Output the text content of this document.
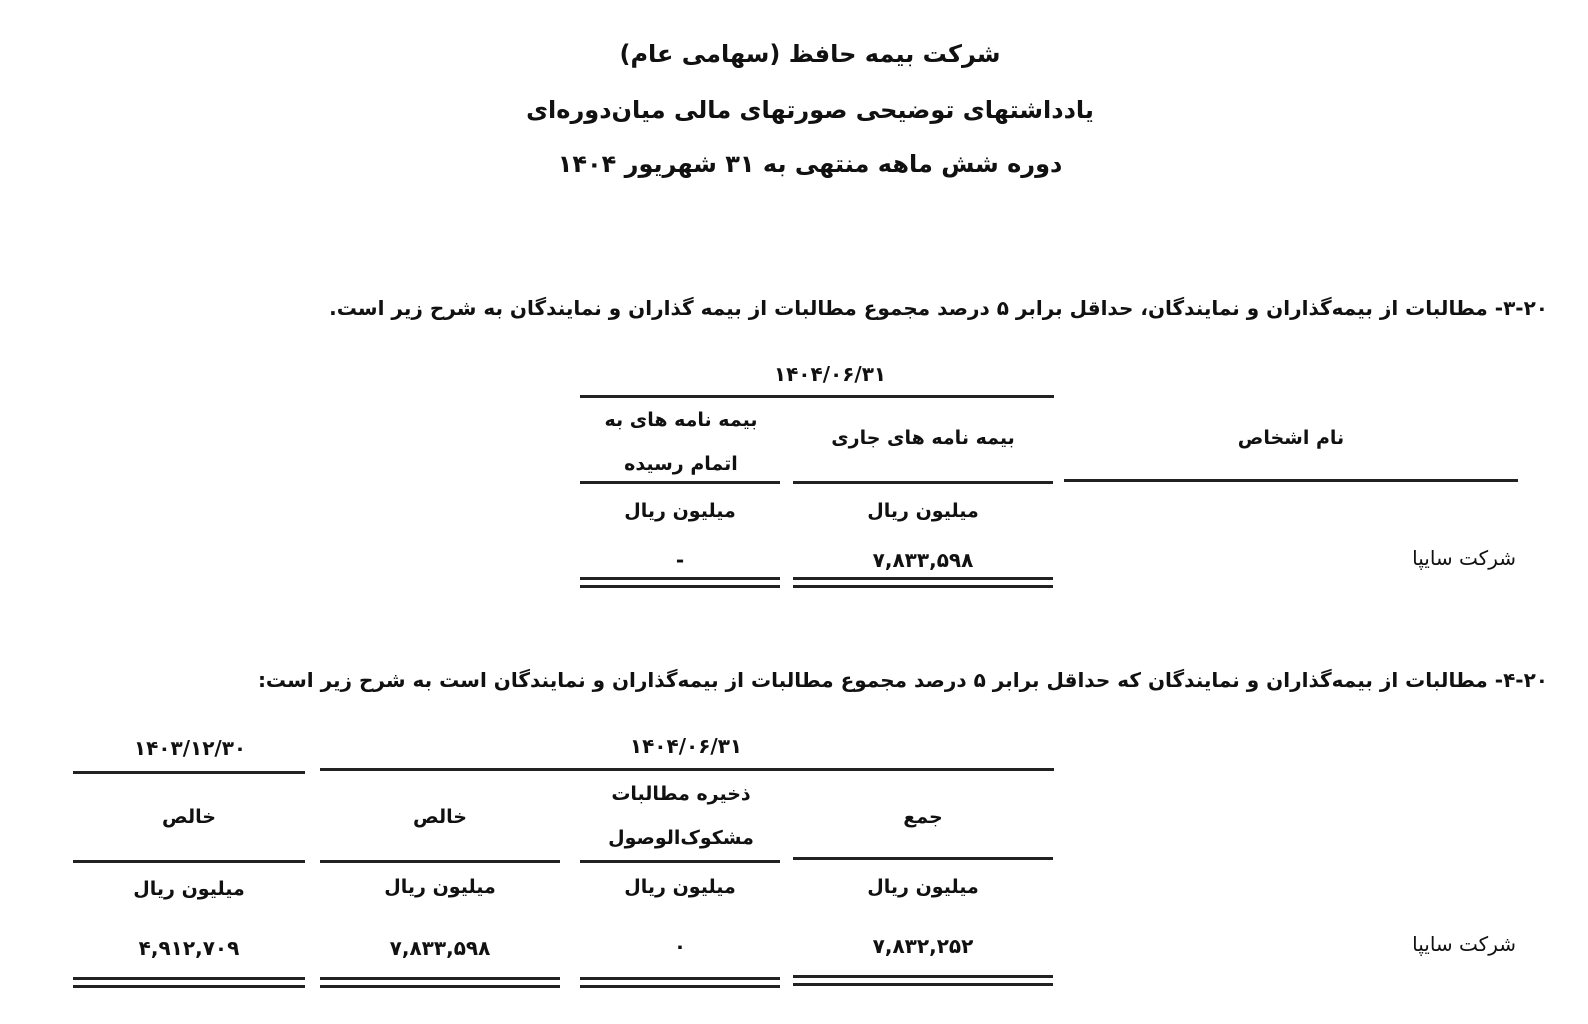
شرکت بیمه حافظ (سهامی عام)
یادداشتهای توضیحی صورتهای مالی میان‌دوره‌ای
دوره شش ماهه منتهی به ۳۱ شهریور ۱۴۰۴
۳-۲۰- مطالبات از بیمه‌گذاران و نمایندگان، حداقل برابر ۵ درصد مجموع مطالبات از بیمه گذاران و نمایندگان به شرح زیر است.
۱۴۰۴/۰۶/۳۱
نام اشخاص
بیمه نامه های جاری
بیمه نامه های به اتمام رسیده
میلیون ریال
میلیون ریال
شرکت سایپا
۷,۸۳۳,۵۹۸
-
۴-۲۰- مطالبات از بیمه‌گذاران و نمایندگان که حداقل برابر ۵ درصد مجموع مطالبات از بیمه‌گذاران و نمایندگان است به شرح زیر است:
۱۴۰۴/۰۶/۳۱
۱۴۰۳/۱۲/۳۰
جمع
ذخیره مطالبات مشکوک‌الوصول
خالص
خالص
میلیون ریال
میلیون ریال
میلیون ریال
میلیون ریال
شرکت سایپا
۷,۸۳۲,۲۵۲
۰
۷,۸۳۳,۵۹۸
۴,۹۱۲,۷۰۹
